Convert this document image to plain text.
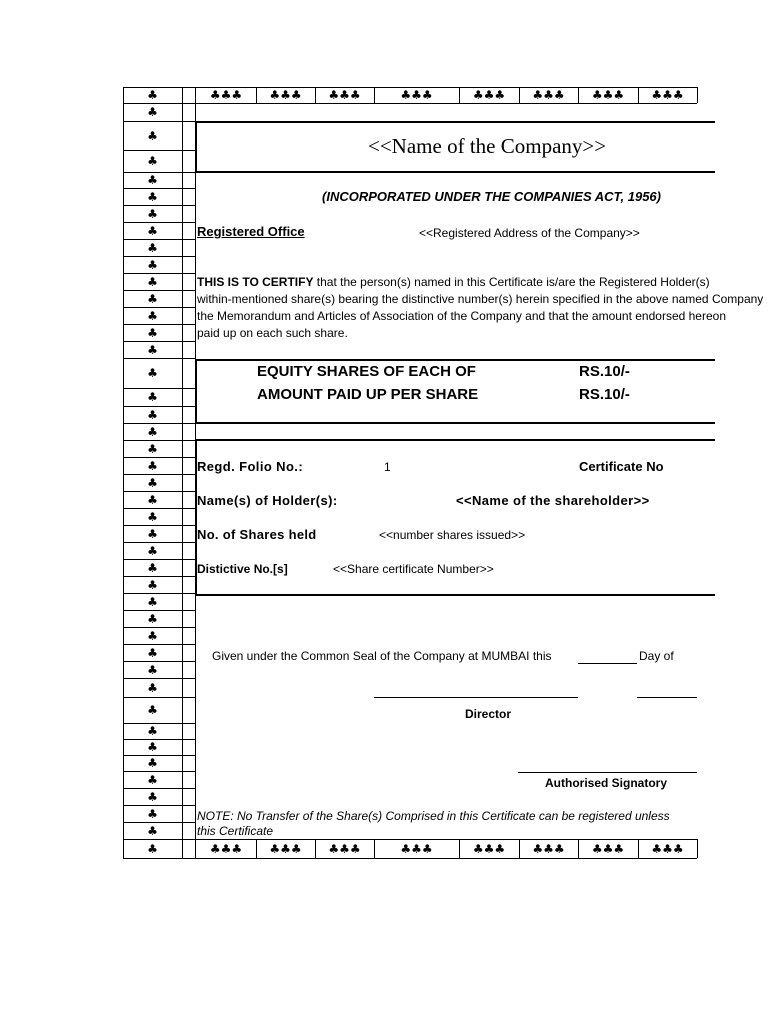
♣
♣
♣
♣
♣
♣
♣
♣
♣
♣
♣
♣
♣
♣
♣
♣
♣
♣
♣
♣
♣
♣
♣
♣
♣
♣
♣
♣
♣
♣
♣
♣
♣
♣
♣
♣
♣
♣
♣
♣
♣
♣
♣
♣♣♣	♣♣♣	♣♣♣	♣♣♣	♣♣♣	♣♣♣	♣♣♣	♣♣♣
♣♣♣	♣♣♣	♣♣♣	♣♣♣	♣♣♣	♣♣♣	♣♣♣	♣♣♣
<<Name of the Company>>
(INCORPORATED UNDER THE COMPANIES ACT, 1956)
Registered Office	<<Registered Address of the Company>>
THIS IS TO CERTIFY that the person(s) named in this Certificate is/are the Registered Holder(s)
within-mentioned share(s) bearing the distinctive number(s) herein specified in the above named Company
the Memorandum and Articles of Association of the Company and that the amount endorsed hereon
paid up on each such share.
EQUITY SHARES OF EACH OF	RS.10/-
AMOUNT PAID UP PER SHARE	RS.10/-
Regd. Folio No.:	1	Certificate No
Name(s) of Holder(s):	<<Name of the shareholder>>
No. of Shares held	<<number shares issued>>
Distictive No.[s]	<<Share certificate Number>>
Given under the Common Seal of the Company at MUMBAI this	Day of
Director
Authorised Signatory
NOTE: No Transfer of the Share(s) Comprised in this Certificate can be registered unless
this Certificate
